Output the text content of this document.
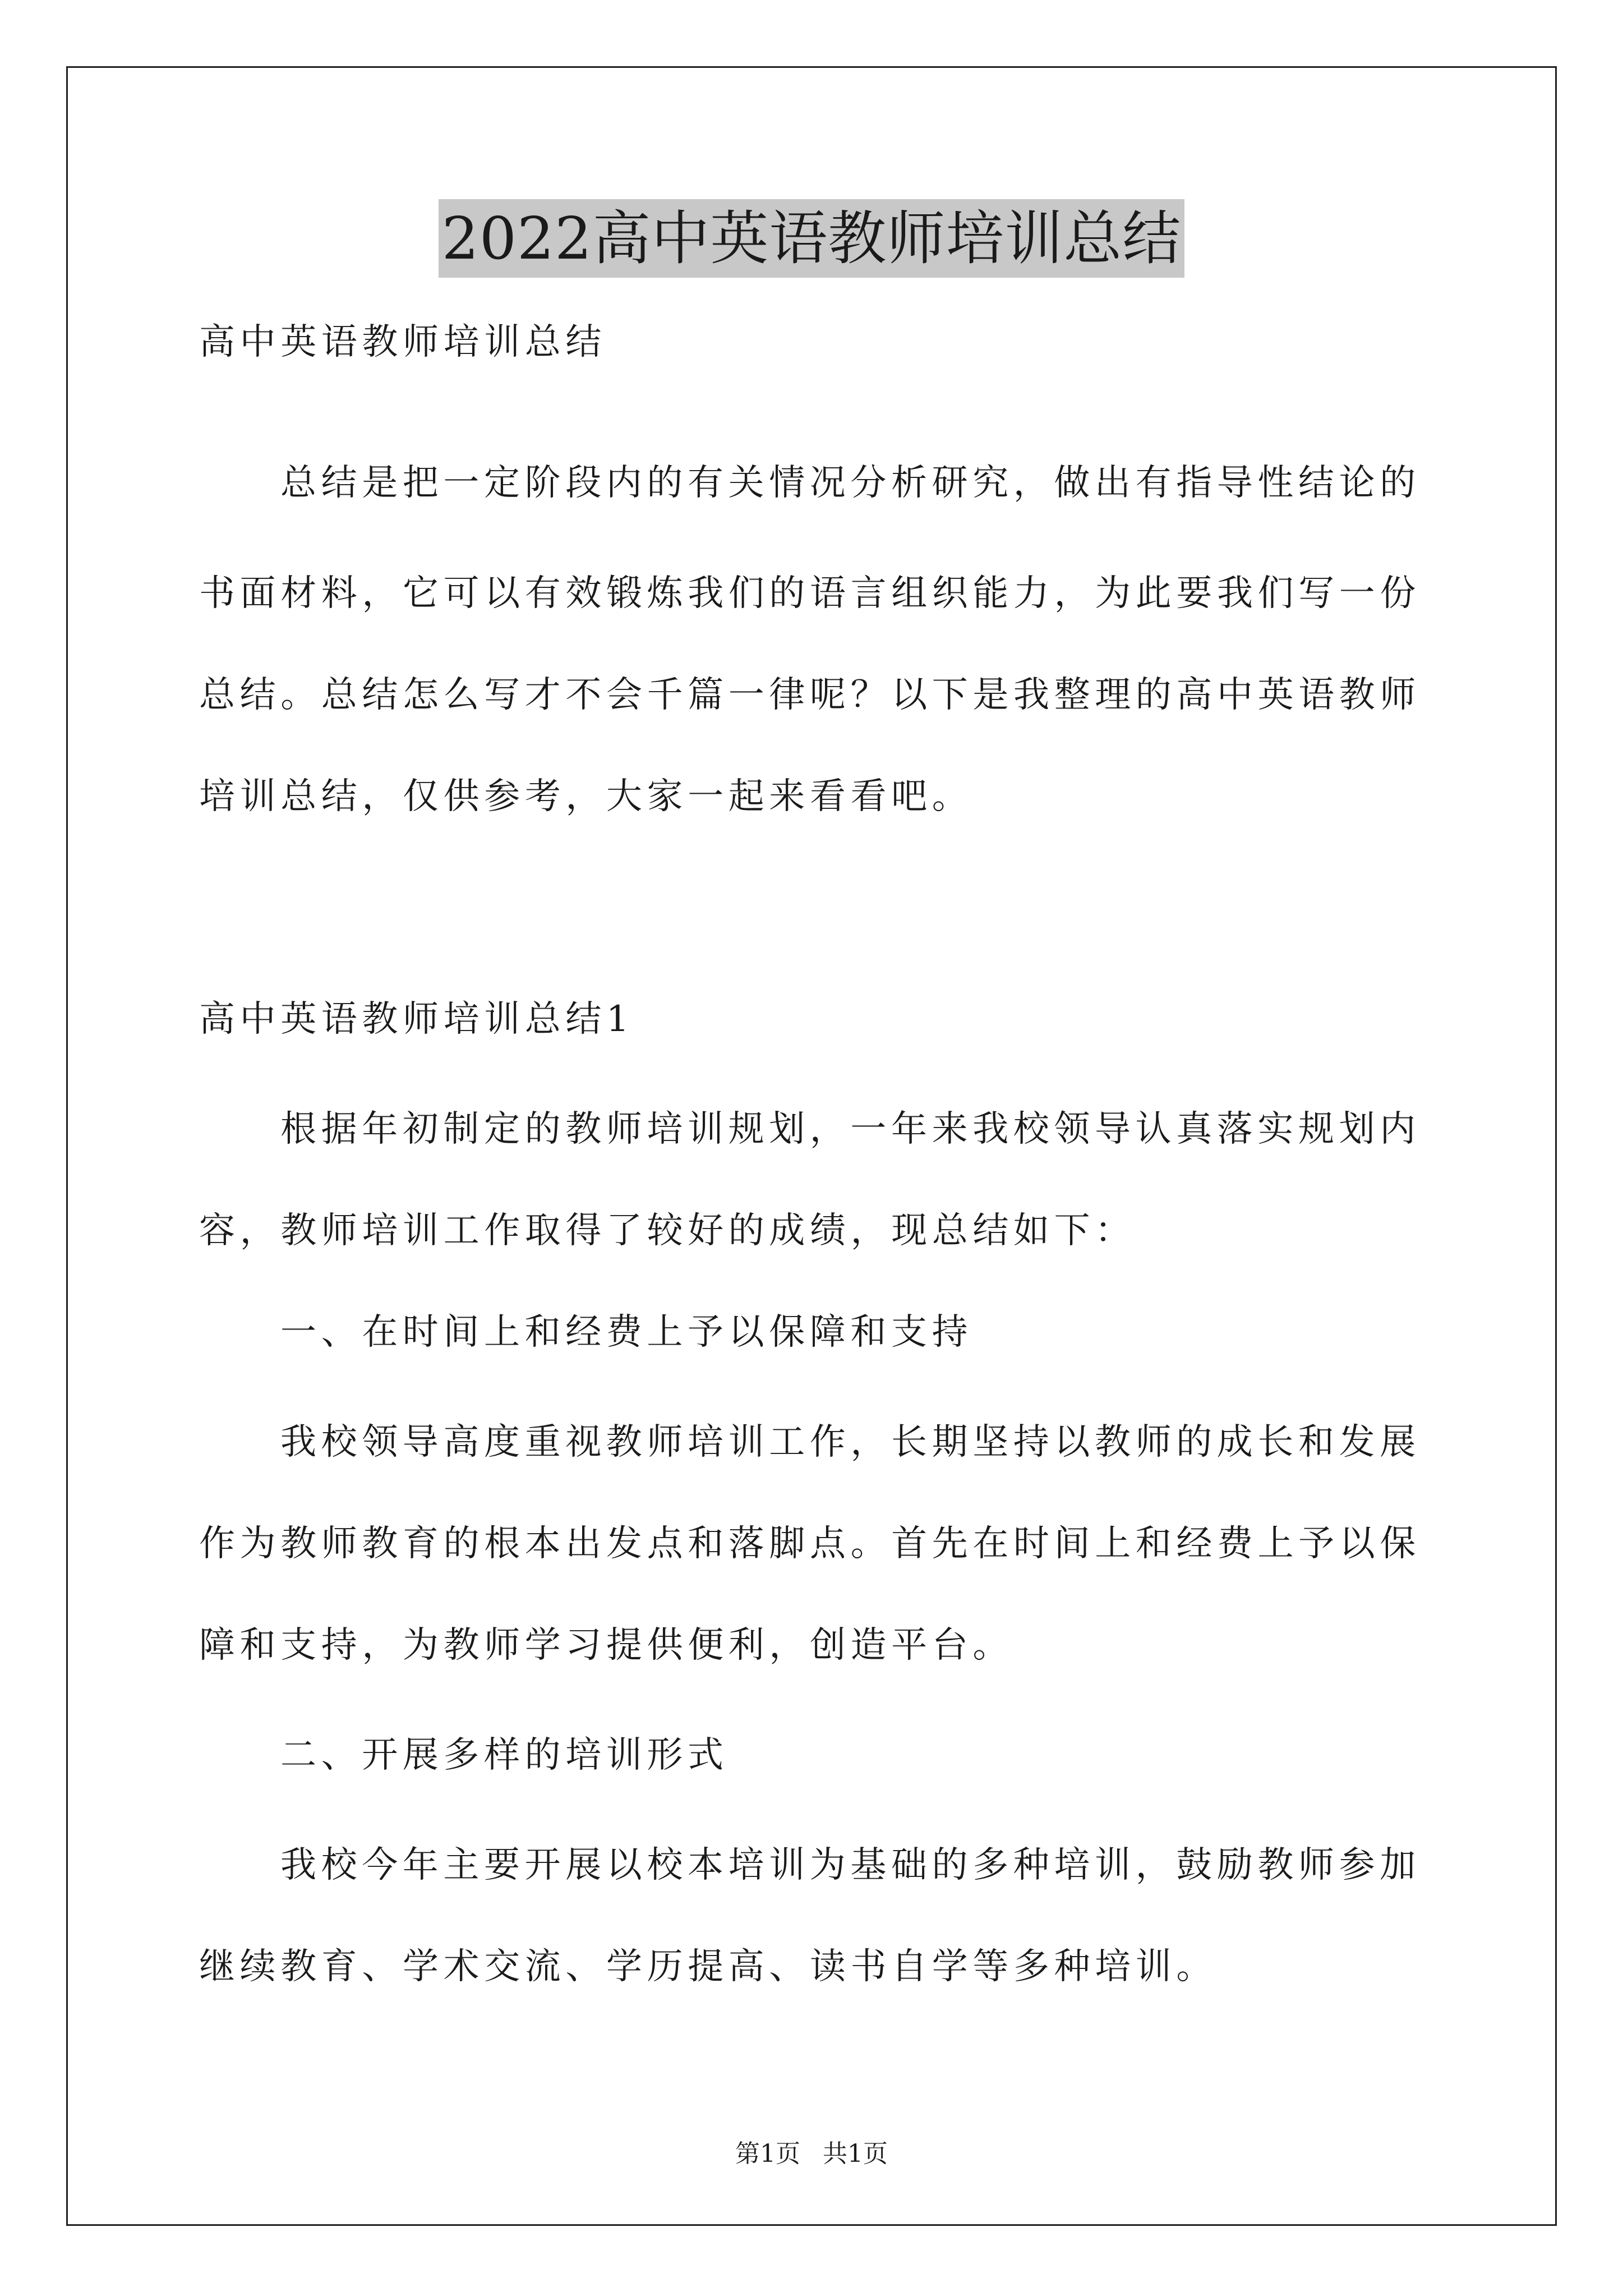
2022高中英语教师培训总结

高中英语教师培训总结

总结是把一定阶段内的有关情况分析研究，做出有指导性结论的

书面材料，它可以有效锻炼我们的语言组织能力，为此要我们写一份

总结。总结怎么写才不会千篇一律呢？以下是我整理的高中英语教师

培训总结，仅供参考，大家一起来看看吧。

高中英语教师培训总结1

根据年初制定的教师培训规划，一年来我校领导认真落实规划内

容，教师培训工作取得了较好的成绩，现总结如下：

一、在时间上和经费上予以保障和支持

我校领导高度重视教师培训工作，长期坚持以教师的成长和发展

作为教师教育的根本出发点和落脚点。首先在时间上和经费上予以保

障和支持，为教师学习提供便利，创造平台。

二、开展多样的培训形式

我校今年主要开展以校本培训为基础的多种培训，鼓励教师参加

继续教育、学术交流、学历提高、读书自学等多种培训。

第1页 共1页
